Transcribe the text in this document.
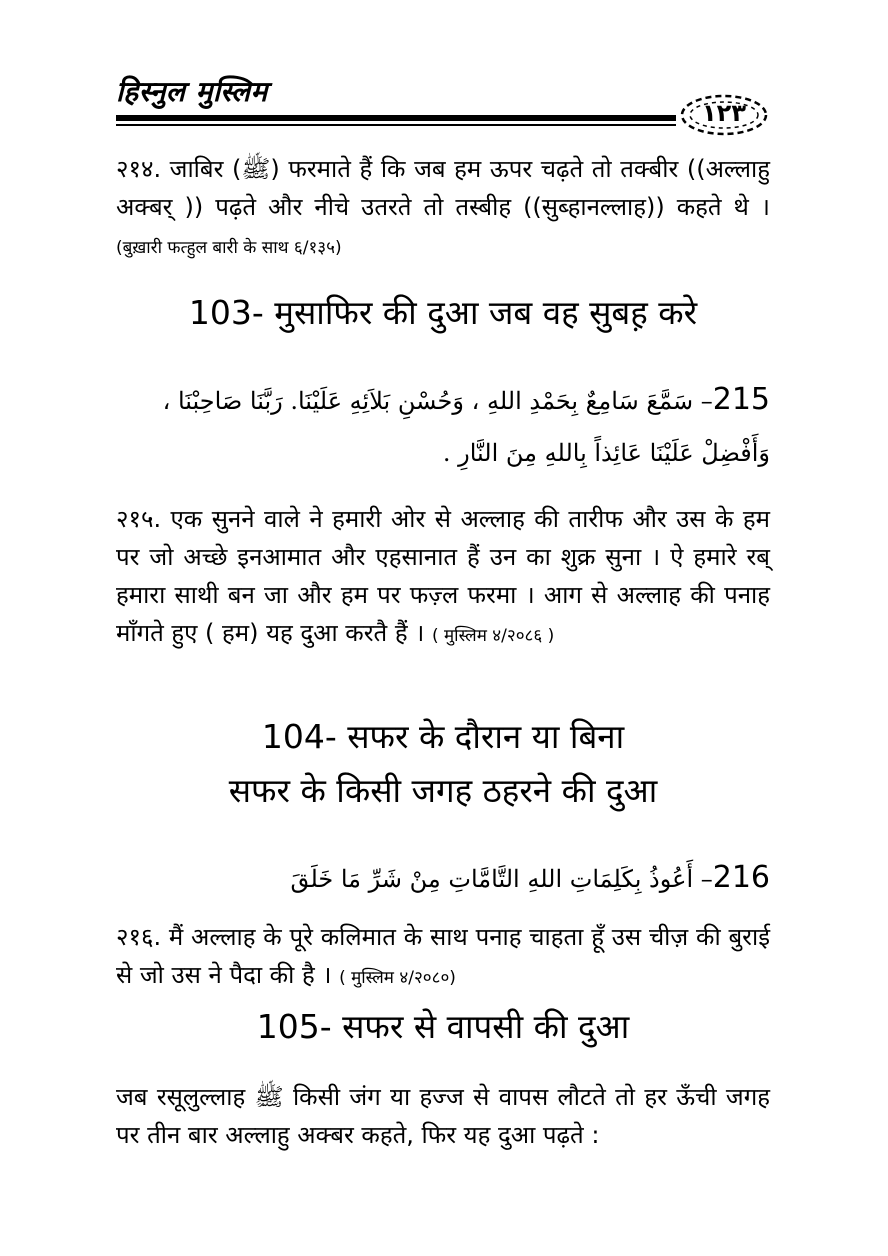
हिस्नुल मुस्लिम
۱۲۳

२१४. जाबिर (ﷺ) फरमाते हैं कि जब हम ऊपर चढ़ते तो तक्बीर ((अल्लाहु अक्बर् )) पढ़ते और नीचे उतरते तो तस्बीह ((सुब्हानल्लाह)) कहते थे । (बुख़ारी फत्हुल बारी के साथ ६/१३५)

103- मुसाफिर की दुआ जब वह सुबह़ करे
215– سَمَّعَ سَامِعٌ بِحَمْدِ اللهِ ، وَحُسْنِ بَلاَئِهِ عَلَيْنَا. رَبَّنَا صَاحِبْنَا ،
وَأَفْضِلْ عَلَيْنَا عَائِذاً بِاللهِ مِنَ النَّارِ .

२१५. एक सुनने वाले ने हमारी ओर से अल्लाह की तारीफ और उस के हम पर जो अच्छे इनआमात और एहसानात हैं उन का शुक्र सुना । ऐ हमारे रब् हमारा साथी बन जा और हम पर फज़्ल फरमा । आग से अल्लाह की पनाह माँगते हुए ( हम) यह दुआ करतै हैं । ( मुस्लिम ४/२०८६ )

104- सफर के दौरान या बिना
सफर के किसी जगह ठहरने की दुआ
216– أَعُوذُ بِكَلِمَاتِ اللهِ التَّامَّاتِ مِنْ شَرِّ مَا خَلَقَ

२१६. मैं अल्लाह के पूरे कलिमात के साथ पनाह चाहता हूँ उस चीज़ की बुराई से जो उस ने पैदा की है । ( मुस्लिम ४/२०८०)

105- सफर से वापसी की दुआ

जब रसूलुल्लाह ﷺ किसी जंग या हज्ज से वापस लौटते तो हर ऊँची जगह पर तीन बार अल्लाहु अक्बर कहते, फिर यह दुआ पढ़ते :
